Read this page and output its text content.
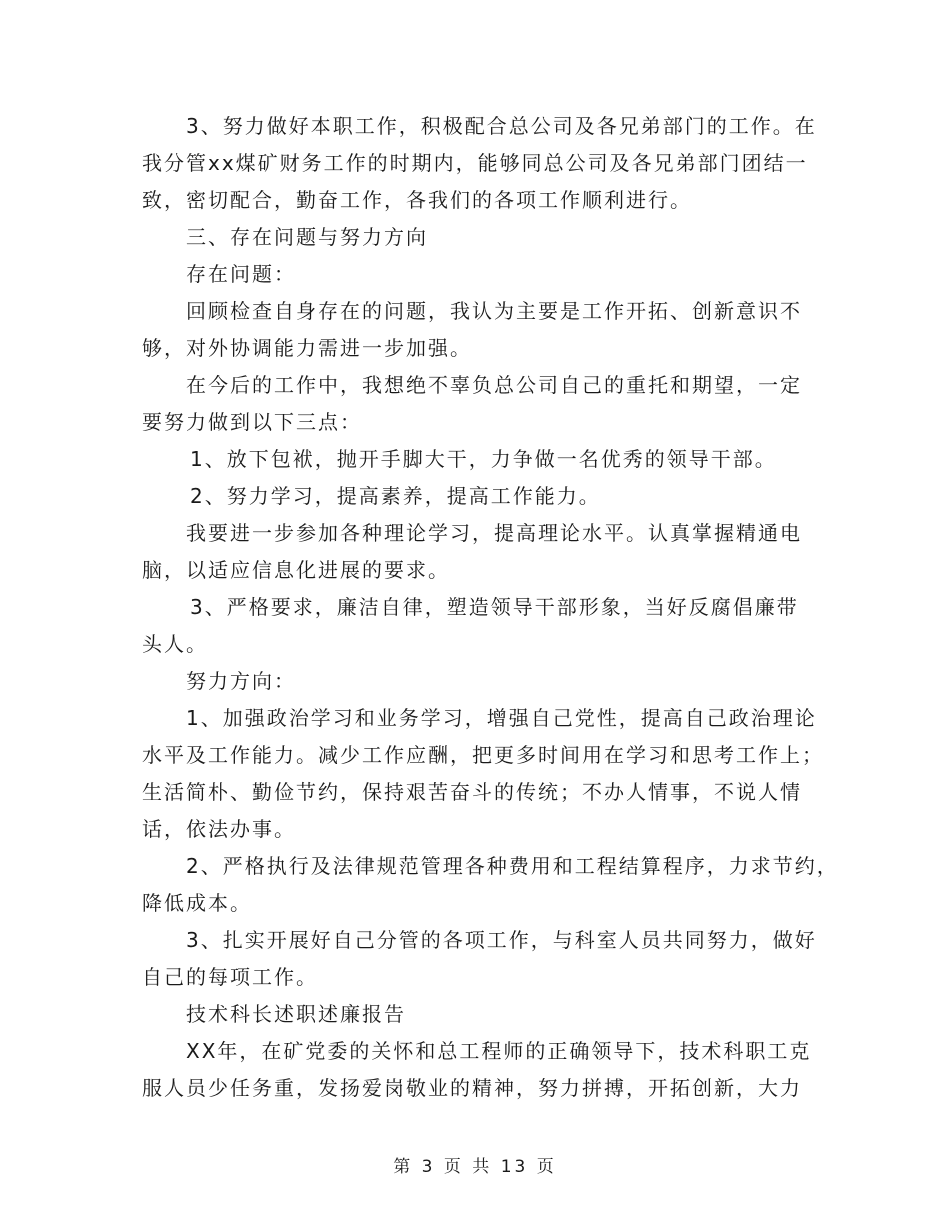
3、努力做好本职工作，积极配合总公司及各兄弟部门的工作。在
我分管xx煤矿财务工作的时期内，能够同总公司及各兄弟部门团结一
致，密切配合，勤奋工作，各我们的各项工作顺利进行。
三、存在问题与努力方向
存在问题：
回顾检查自身存在的问题，我认为主要是工作开拓、创新意识不
够，对外协调能力需进一步加强。
在今后的工作中，我想绝不辜负总公司自己的重托和期望，一定
要努力做到以下三点：
1、放下包袱，抛开手脚大干，力争做一名优秀的领导干部。
2、努力学习，提高素养，提高工作能力。
我要进一步参加各种理论学习，提高理论水平。认真掌握精通电
脑，以适应信息化进展的要求。
3、严格要求，廉洁自律，塑造领导干部形象，当好反腐倡廉带
头人。
努力方向：
1、加强政治学习和业务学习，增强自己党性，提高自己政治理论
水平及工作能力。减少工作应酬，把更多时间用在学习和思考工作上；
生活简朴、勤俭节约，保持艰苦奋斗的传统；不办人情事，不说人情
话，依法办事。
2、严格执行及法律规范管理各种费用和工程结算程序，力求节约，
降低成本。
3、扎实开展好自己分管的各项工作，与科室人员共同努力，做好
自己的每项工作。
技术科长述职述廉报告
XX年，在矿党委的关怀和总工程师的正确领导下，技术科职工克
服人员少任务重，发扬爱岗敬业的精神，努力拼搏，开拓创新，大力
第 3 页 共 13 页
